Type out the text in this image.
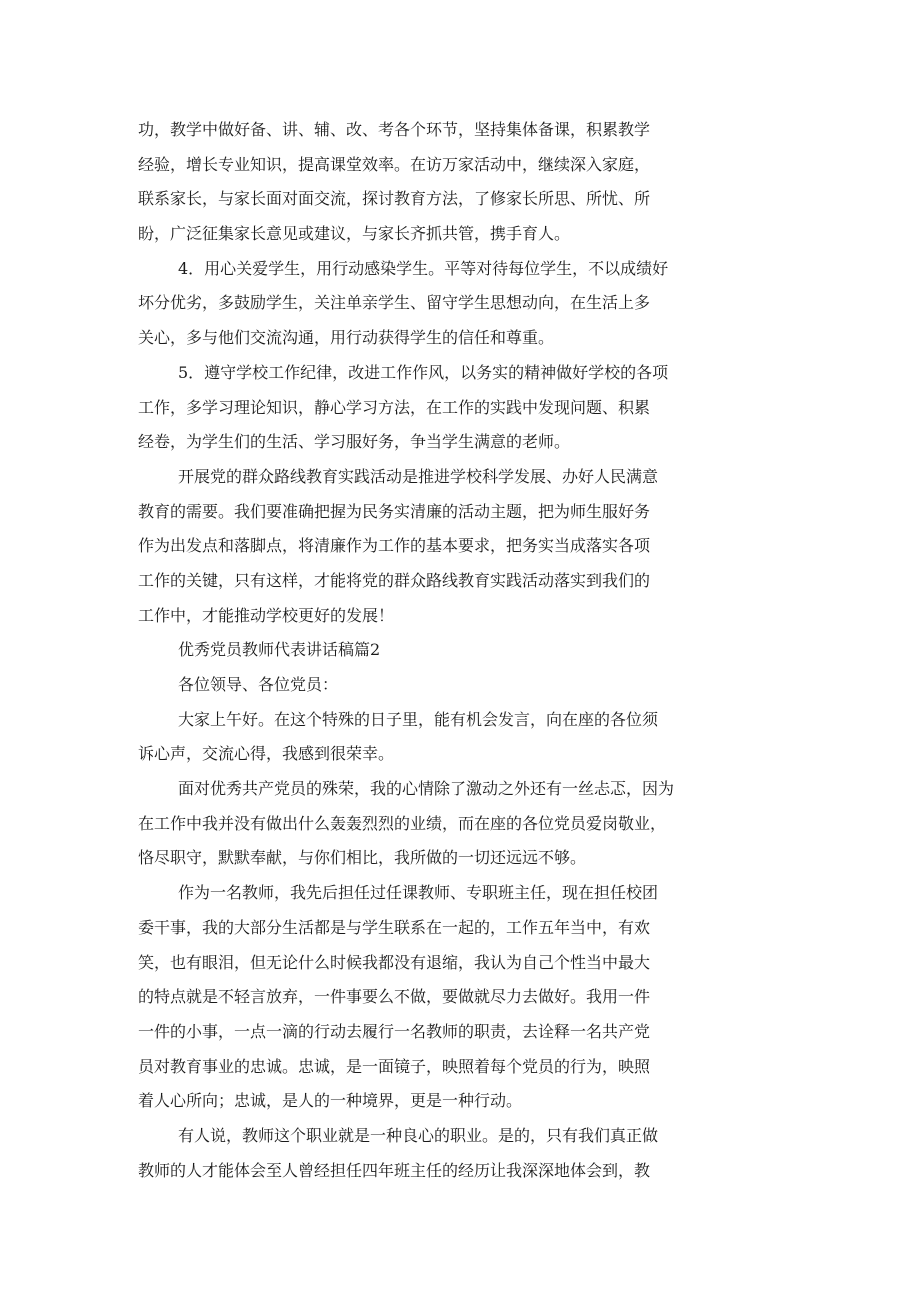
功，教学中做好备、讲、辅、改、考各个环节，坚持集体备课，积累教学
经验，增长专业知识，提高课堂效率。在访万家活动中，继续深入家庭，
联系家长，与家长面对面交流，探讨教育方法，了修家长所思、所忧、所
盼，广泛征集家长意见或建议，与家长齐抓共管，携手育人。
4．用心关爱学生，用行动感染学生。平等对待每位学生，不以成绩好
坏分优劣，多鼓励学生，关注单亲学生、留守学生思想动向，在生活上多
关心，多与他们交流沟通，用行动获得学生的信任和尊重。
5．遵守学校工作纪律，改进工作作风，以务实的精神做好学校的各项
工作，多学习理论知识，静心学习方法，在工作的实践中发现问题、积累
经卷，为学生们的生活、学习服好务，争当学生满意的老师。
开展党的群众路线教育实践活动是推进学校科学发展、办好人民满意
教育的需要。我们要准确把握为民务实清廉的活动主题，把为师生服好务
作为出发点和落脚点，将清廉作为工作的基本要求，把务实当成落实各项
工作的关键，只有这样，才能将党的群众路线教育实践活动落实到我们的
工作中，才能推动学校更好的发展！
优秀党员教师代表讲话稿篇2
各位领导、各位党员：
大家上午好。在这个特殊的日子里，能有机会发言，向在座的各位须
诉心声，交流心得，我感到很荣幸。
面对优秀共产党员的殊荣，我的心情除了激动之外还有一丝忐忑，因为
在工作中我并没有做出什么轰轰烈烈的业绩，而在座的各位党员爱岗敬业，
恪尽职守，默默奉献，与你们相比，我所做的一切还远远不够。
作为一名教师，我先后担任过任课教师、专职班主任，现在担任校团
委干事，我的大部分生活都是与学生联系在一起的，工作五年当中，有欢
笑，也有眼泪，但无论什么时候我都没有退缩，我认为自己个性当中最大
的特点就是不轻言放弃，一件事要么不做，要做就尽力去做好。我用一件
一件的小事，一点一滴的行动去履行一名教师的职责，去诠释一名共产党
员对教育事业的忠诚。忠诚，是一面镜子，映照着每个党员的行为，映照
着人心所向；忠诚，是人的一种境界，更是一种行动。
有人说，教师这个职业就是一种良心的职业。是的，只有我们真正做
教师的人才能体会至人曾经担任四年班主任的经历让我深深地体会到，教
